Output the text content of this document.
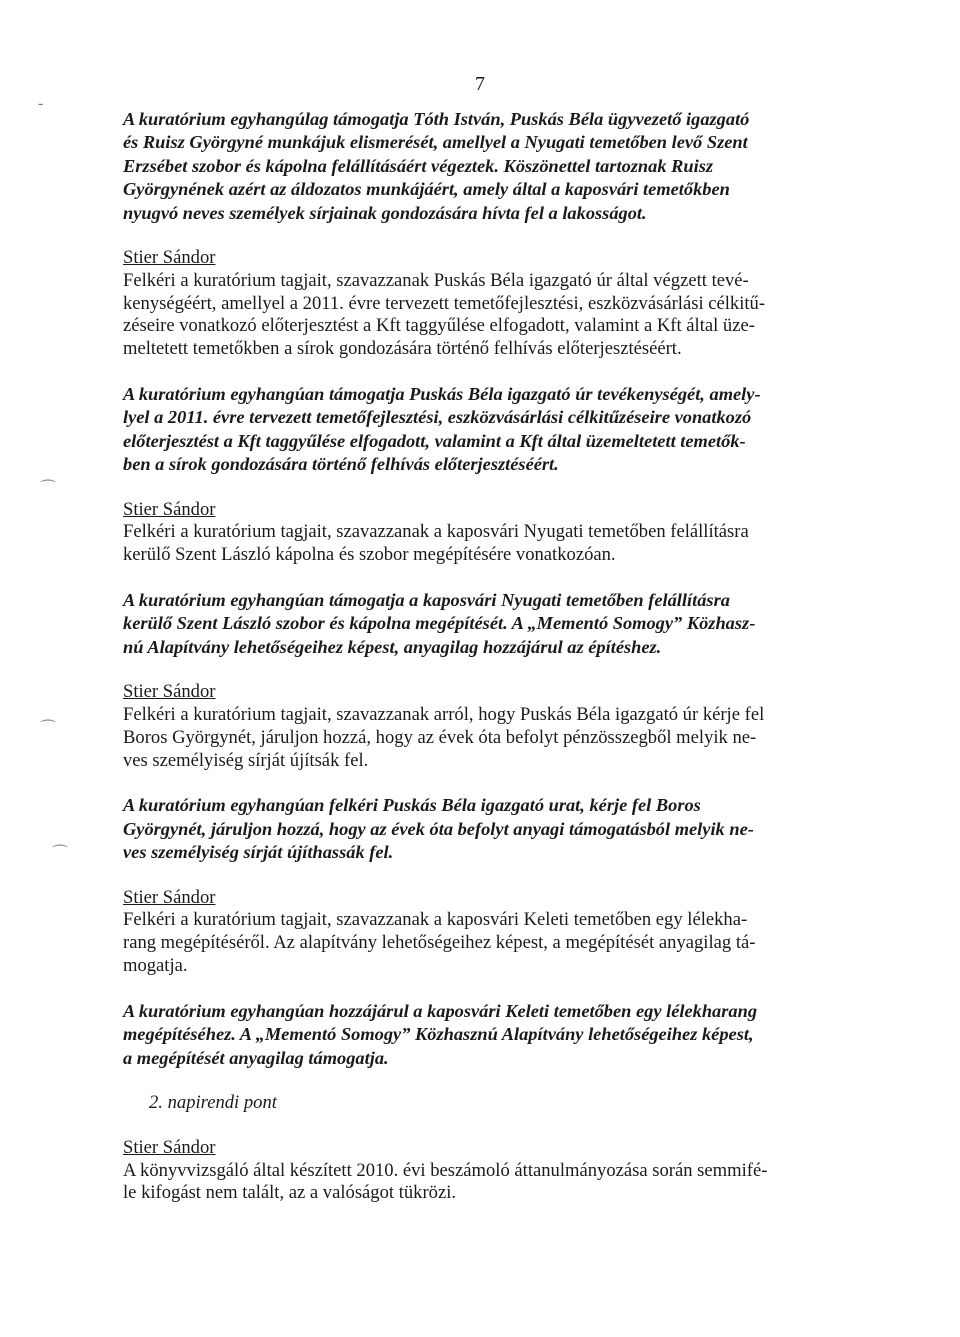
7
-
⌒
⌒
⌒

A kuratórium egyhangúlag támogatja Tóth István, Puskás Béla ügyvezető igazgató

és Ruisz Györgyné munkájuk elismerését, amellyel a Nyugati temetőben levő Szent

Erzsébet szobor és kápolna felállításáért végeztek. Köszönettel tartoznak Ruisz

Györgynének azért az áldozatos munkájáért, amely által a kaposvári temetőkben

nyugvó neves személyek sírjainak gondozására hívta fel a lakosságot.

Stier Sándor

Felkéri a kuratórium tagjait, szavazzanak Puskás Béla igazgató úr által végzett tevé-

kenységéért, amellyel a 2011. évre tervezett temetőfejlesztési, eszközvásárlási célkitű-

zéseire vonatkozó előterjesztést a Kft taggyűlése elfogadott, valamint a Kft által üze-

meltetett temetőkben a sírok gondozására történő felhívás előterjesztéséért.

A kuratórium egyhangúan támogatja Puskás Béla igazgató úr tevékenységét, amely-

lyel a 2011. évre tervezett temetőfejlesztési, eszközvásárlási célkitűzéseire vonatkozó

előterjesztést a Kft taggyűlése elfogadott, valamint a Kft által üzemeltetett temetők-

ben a sírok gondozására történő felhívás előterjesztéséért.

Stier Sándor

Felkéri a kuratórium tagjait, szavazzanak a kaposvári Nyugati temetőben felállításra

kerülő Szent László kápolna és szobor megépítésére vonatkozóan.

A kuratórium egyhangúan támogatja a kaposvári Nyugati temetőben felállításra

kerülő Szent László szobor és kápolna megépítését. A „Mementó Somogy” Közhasz-

nú Alapítvány lehetőségeihez képest, anyagilag hozzájárul az építéshez.

Stier Sándor

Felkéri a kuratórium tagjait, szavazzanak arról, hogy Puskás Béla igazgató úr kérje fel

Boros Györgynét, járuljon hozzá, hogy az évek óta befolyt pénzösszegből melyik ne-

ves személyiség sírját újítsák fel.

A kuratórium egyhangúan felkéri Puskás Béla igazgató urat, kérje fel Boros

Györgynét, járuljon hozzá, hogy az évek óta befolyt anyagi támogatásból melyik ne-

ves személyiség sírját újíthassák fel.

Stier Sándor

Felkéri a kuratórium tagjait, szavazzanak a kaposvári Keleti temetőben egy lélekha-

rang megépítéséről. Az alapítvány lehetőségeihez képest, a megépítését anyagilag tá-

mogatja.

A kuratórium egyhangúan hozzájárul a kaposvári Keleti temetőben egy lélekharang

megépítéséhez. A „Mementó Somogy” Közhasznú Alapítvány lehetőségeihez képest,

a megépítését anyagilag támogatja.

2. napirendi pont

Stier Sándor

A könyvvizsgáló által készített 2010. évi beszámoló áttanulmányozása során semmifé-

le kifogást nem talált, az a valóságot tükrözi.
